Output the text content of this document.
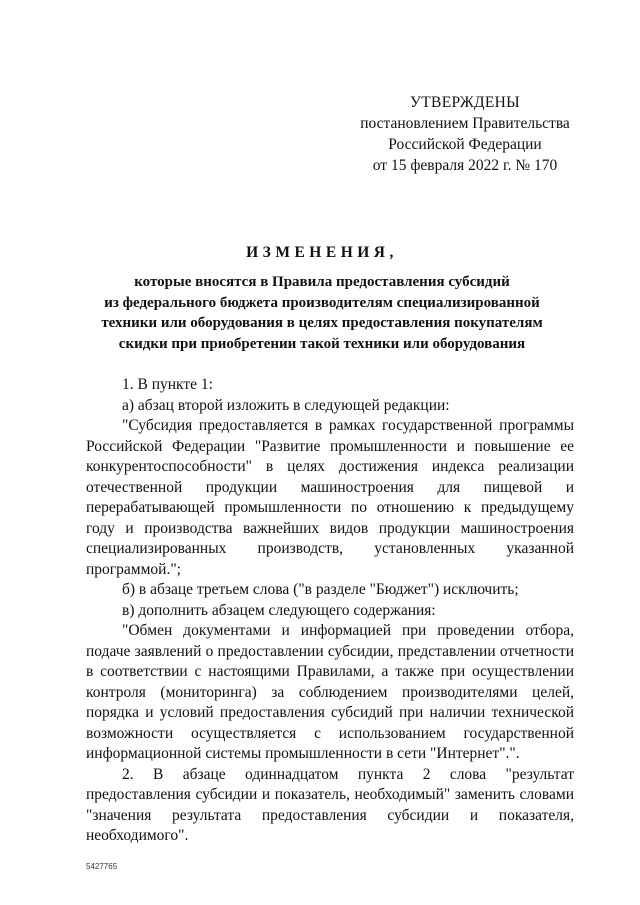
УТВЕРЖДЕНЫ
постановлением Правительства
Российской Федерации
от 15 февраля 2022 г. № 170
ИЗМЕНЕНИЯ,
которые вносятся в Правила предоставления субсидий
из федерального бюджета производителям специализированной
техники или оборудования в целях предоставления покупателям
скидки при приобретении такой техники или оборудования

1. В пункте 1:

а) абзац второй изложить в следующей редакции:

"Субсидия предоставляется в рамках государственной программы Российской Федерации "Развитие промышленности и повышение ее конкурентоспособности" в целях достижения индекса реализации отечественной продукции машиностроения для пищевой и перерабатывающей промышленности по отношению к предыдущему году и производства важнейших видов продукции машиностроения специализированных производств, установленных указанной программой.";

б) в абзаце третьем слова ("в разделе "Бюджет") исключить;

в) дополнить абзацем следующего содержания:

"Обмен документами и информацией при проведении отбора, подаче заявлений о предоставлении субсидии, представлении отчетности в соответствии с настоящими Правилами, а также при осуществлении контроля (мониторинга) за соблюдением производителями целей, порядка и условий предоставления субсидий при наличии технической возможности осуществляется с использованием государственной информационной системы промышленности в сети "Интернет".".

2. В абзаце одиннадцатом пункта 2 слова "результат предоставления субсидии и показатель, необходимый" заменить словами "значения результата предоставления субсидии и показателя, необходимого".

5427765
